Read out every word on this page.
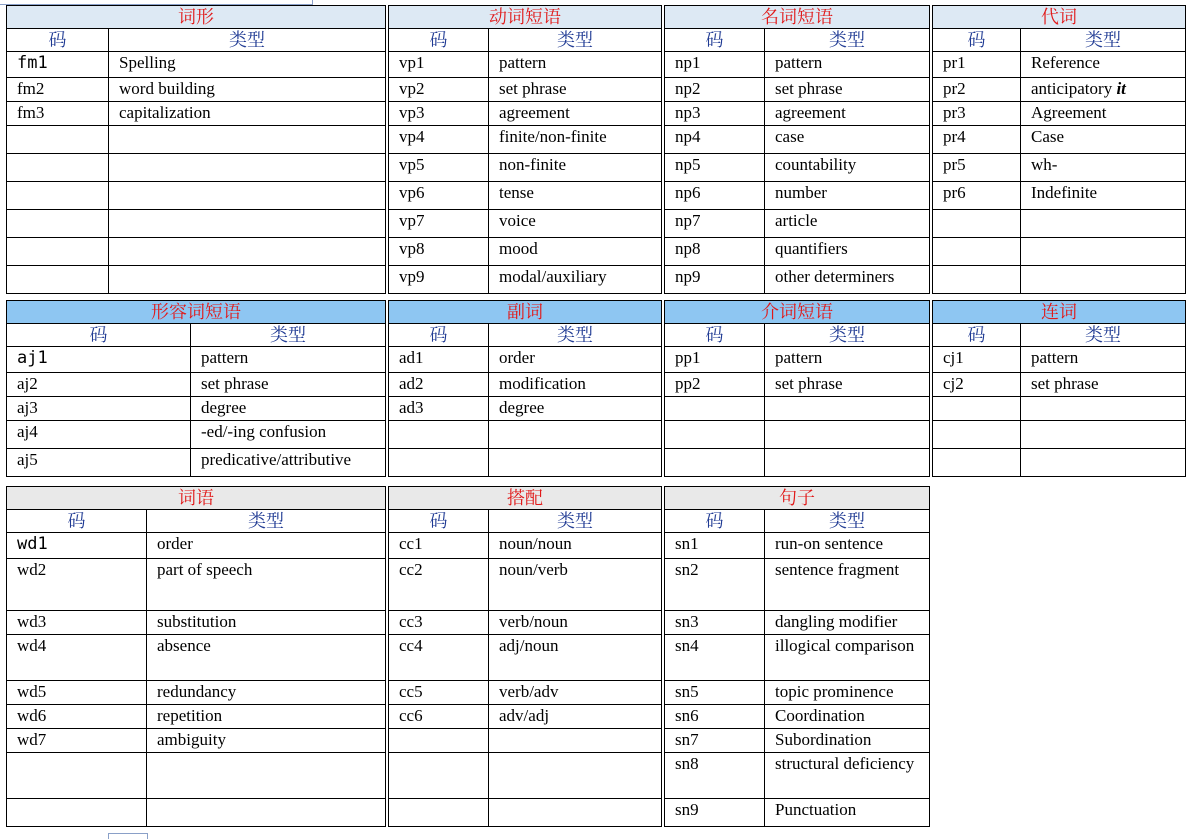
词形	
码	类型
fm1	Spelling
fm2	word building
fm3	capitalization

动词短语	
码	类型
vp1	pattern
vp2	set phrase
vp3	agreement
vp4	finite/non-finite
vp5	non-finite
vp6	tense
vp7	voice
vp8	mood
vp9	modal/auxiliary
名词短语	
码	类型
np1	pattern
np2	set phrase
np3	agreement
np4	case
np5	countability
np6	number
np7	article
np8	quantifiers
np9	other determiners
代词	
码	类型
pr1	Reference
pr2	anticipatory it
pr3	Agreement
pr4	Case
pr5	wh-
pr6	Indefinite

形容词短语	
码	类型
aj1	pattern
aj2	set phrase
aj3	degree
aj4	-ed/-ing confusion
aj5	predicative/attributive
副词	
码	类型
ad1	order
ad2	modification
ad3	degree

介词短语	
码	类型
pp1	pattern
pp2	set phrase

连词	
码	类型
cj1	pattern
cj2	set phrase

词语	
码	类型
wd1	order
wd2	part of speech
wd3	substitution
wd4	absence
wd5	redundancy
wd6	repetition
wd7	ambiguity

搭配	
码	类型
cc1	noun/noun
cc2	noun/verb
cc3	verb/noun
cc4	adj/noun
cc5	verb/adv
cc6	adv/adj

句子	
码	类型
sn1	run-on sentence
sn2	sentence fragment
sn3	dangling modifier
sn4	illogical comparison
sn5	topic prominence
sn6	Coordination
sn7	Subordination
sn8	structural deficiency
sn9	Punctuation
